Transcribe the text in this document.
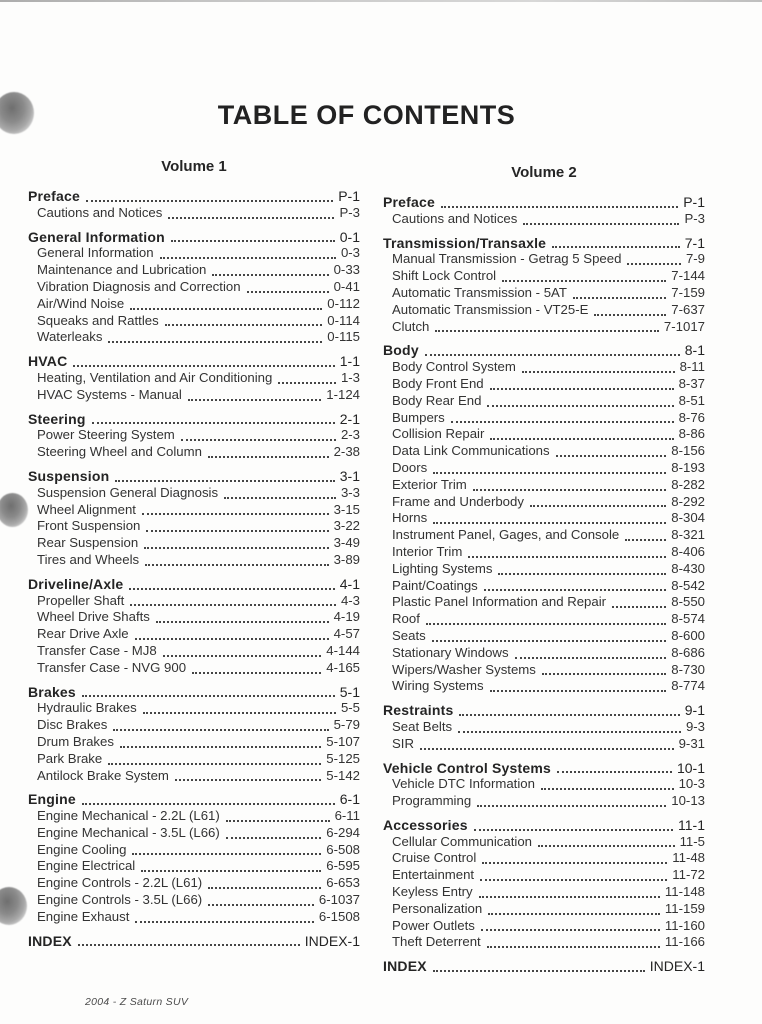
TABLE OF CONTENTS
Volume 1
Preface	P-1
Cautions and Notices	P-3
General Information	0-1
General Information	0-3
Maintenance and Lubrication	0-33
Vibration Diagnosis and Correction	0-41
Air/Wind Noise	0-112
Squeaks and Rattles	0-114
Waterleaks	0-115
HVAC	1-1
Heating, Ventilation and Air Conditioning	1-3
HVAC Systems - Manual	1-124
Steering	2-1
Power Steering System	2-3
Steering Wheel and Column	2-38
Suspension	3-1
Suspension General Diagnosis	3-3
Wheel Alignment	3-15
Front Suspension	3-22
Rear Suspension	3-49
Tires and Wheels	3-89
Driveline/Axle	4-1
Propeller Shaft	4-3
Wheel Drive Shafts	4-19
Rear Drive Axle	4-57
Transfer Case - MJ8	4-144
Transfer Case - NVG 900	4-165
Brakes	5-1
Hydraulic Brakes	5-5
Disc Brakes	5-79
Drum Brakes	5-107
Park Brake	5-125
Antilock Brake System	5-142
Engine	6-1
Engine Mechanical - 2.2L (L61)	6-11
Engine Mechanical - 3.5L (L66)	6-294
Engine Cooling	6-508
Engine Electrical	6-595
Engine Controls - 2.2L (L61)	6-653
Engine Controls - 3.5L (L66)	6-1037
Engine Exhaust	6-1508
INDEX	INDEX-1
Volume 2
Preface	P-1
Cautions and Notices	P-3
Transmission/Transaxle	7-1
Manual Transmission - Getrag 5 Speed	7-9
Shift Lock Control	7-144
Automatic Transmission - 5AT	7-159
Automatic Transmission - VT25-E	7-637
Clutch	7-1017
Body	8-1
Body Control System	8-11
Body Front End	8-37
Body Rear End	8-51
Bumpers	8-76
Collision Repair	8-86
Data Link Communications	8-156
Doors	8-193
Exterior Trim	8-282
Frame and Underbody	8-292
Horns	8-304
Instrument Panel, Gages, and Console	8-321
Interior Trim	8-406
Lighting Systems	8-430
Paint/Coatings	8-542
Plastic Panel Information and Repair	8-550
Roof	8-574
Seats	8-600
Stationary Windows	8-686
Wipers/Washer Systems	8-730
Wiring Systems	8-774
Restraints	9-1
Seat Belts	9-3
SIR	9-31
Vehicle Control Systems	10-1
Vehicle DTC Information	10-3
Programming	10-13
Accessories	11-1
Cellular Communication	11-5
Cruise Control	11-48
Entertainment	11-72
Keyless Entry	11-148
Personalization	11-159
Power Outlets	11-160
Theft Deterrent	11-166
INDEX	INDEX-1
2004 - Z Saturn SUV
